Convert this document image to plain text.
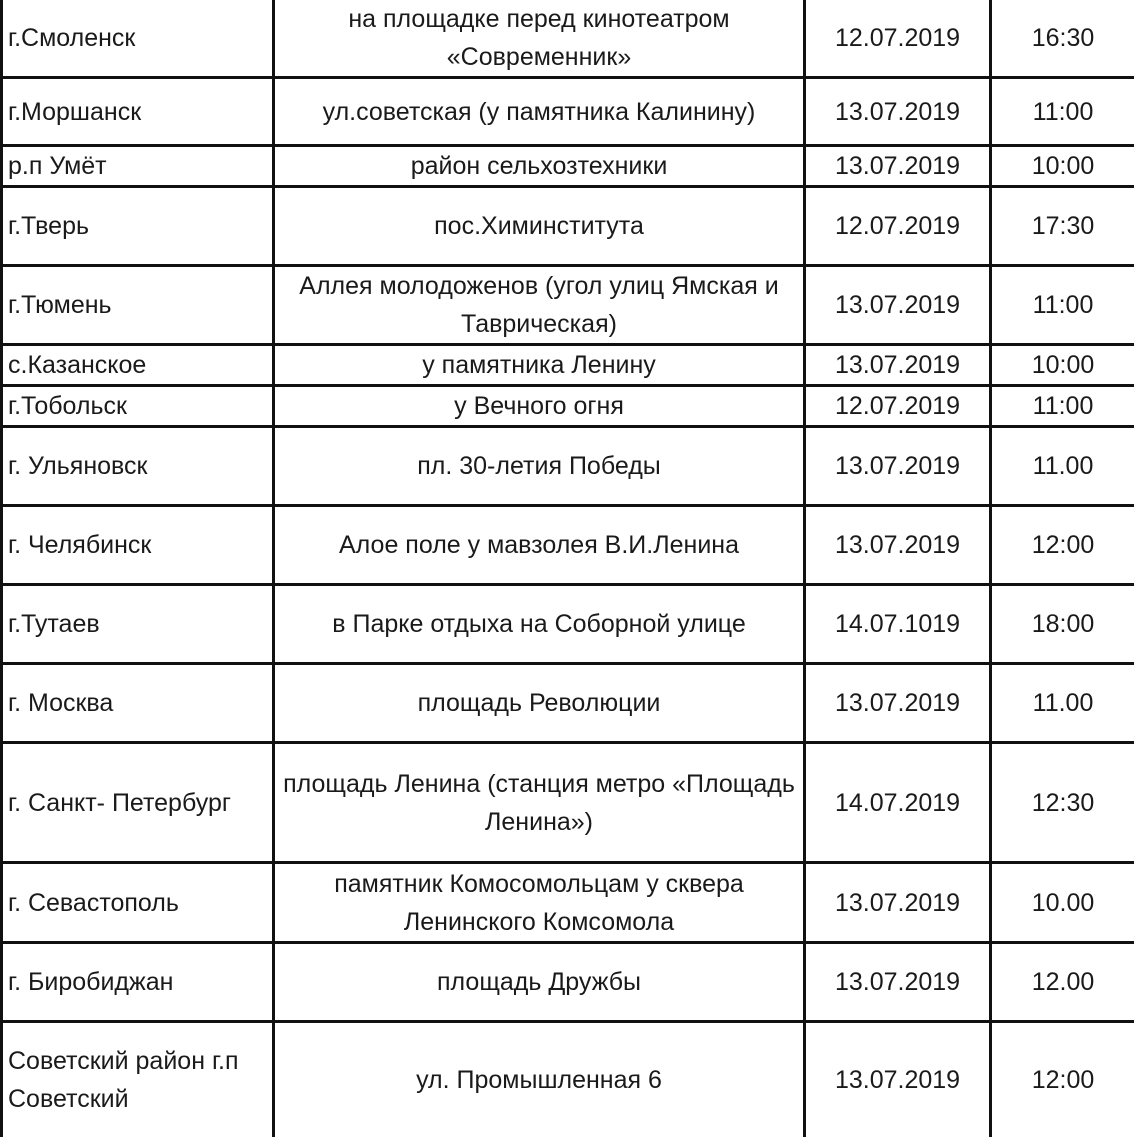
г.Смоленск	на площадке перед кинотеатром «Современник»	12.07.2019	16:30
г.Моршанск	ул.советская (у памятника Калинину)	13.07.2019	11:00
р.п Умёт	район сельхозтехники	13.07.2019	10:00
г.Тверь	пос.Химинститута	12.07.2019	17:30
г.Тюмень	Аллея молодоженов (угол улиц Ямская и Таврическая)	13.07.2019	11:00
с.Казанское	у памятника Ленину	13.07.2019	10:00
г.Тобольск	у Вечного огня	12.07.2019	11:00
г. Ульяновск	пл. 30-летия Победы	13.07.2019	11.00
г. Челябинск	Алое поле у мавзолея В.И.Ленина	13.07.2019	12:00
г.Тутаев	в Парке отдыха на Соборной улице	14.07.1019	18:00
г. Москва	площадь Революции	13.07.2019	11.00
г. Санкт- Петербург	площадь Ленина (станция метро «Площадь Ленина»)	14.07.2019	12:30
г. Севастополь	памятник Комосомольцам у сквера Ленинского Комсомола	13.07.2019	10.00
г. Биробиджан	площадь Дружбы	13.07.2019	12.00
Советский район г.п Советский	ул. Промышленная 6	13.07.2019	12:00
